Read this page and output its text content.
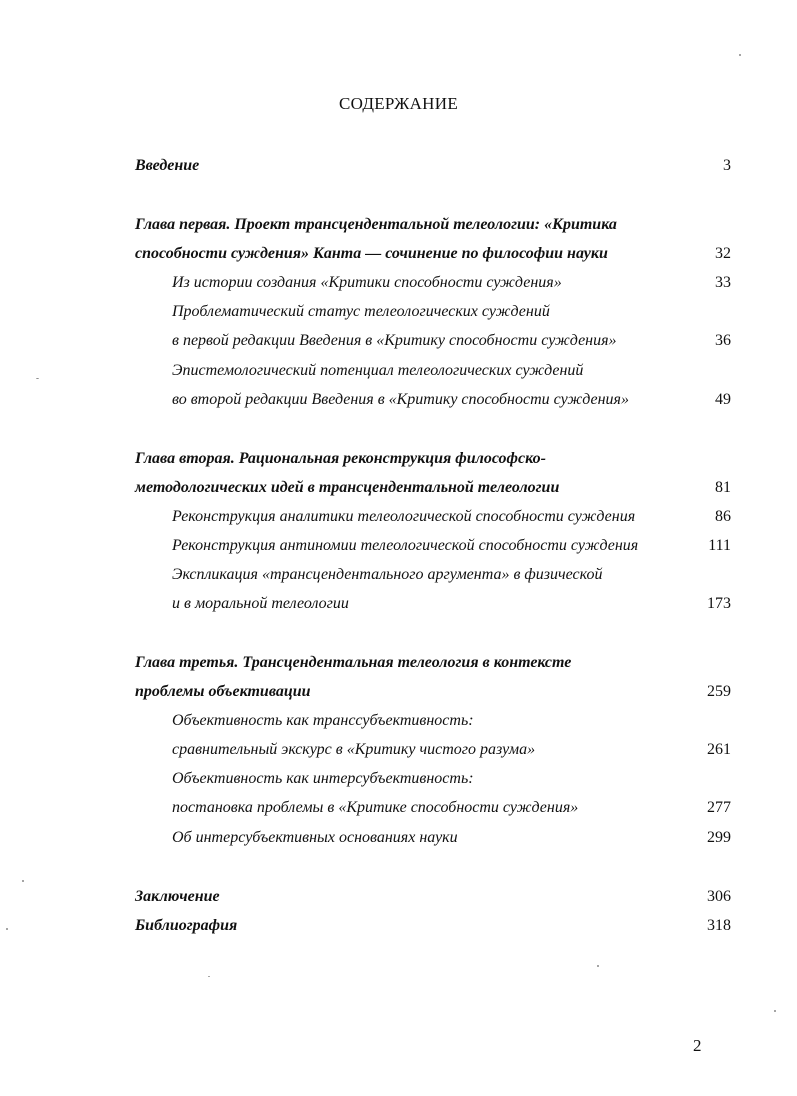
СОДЕРЖАНИЕ
Введение	3
Глава первая. Проект трансцендентальной телеологии: «Критика
способности суждения» Канта — сочинение по философии науки	32
Из истории создания «Критики способности суждения»	33
Проблематический статус телеологических суждений
в первой редакции Введения в «Критику способности суждения»	36
Эпистемологический потенциал телеологических суждений
во второй редакции Введения в «Критику способности суждения»	49
Глава вторая. Рациональная реконструкция философско-
методологических идей в трансцендентальной телеологии	81
Реконструкция аналитики телеологической способности суждения	86
Реконструкция антиномии телеологической способности суждения	111
Экспликация «трансцендентального аргумента» в физической
и в моральной телеологии	173
Глава третья. Трансцендентальная телеология в контексте
проблемы объективации	259
Объективность как транссубъективность:
сравнительный экскурс в «Критику чистого разума»	261
Объективность как интерсубъективность:
постановка проблемы в «Критике способности суждения»	277
Об интерсубъективных основаниях науки	299
Заключение	306
Библиография	318
2
